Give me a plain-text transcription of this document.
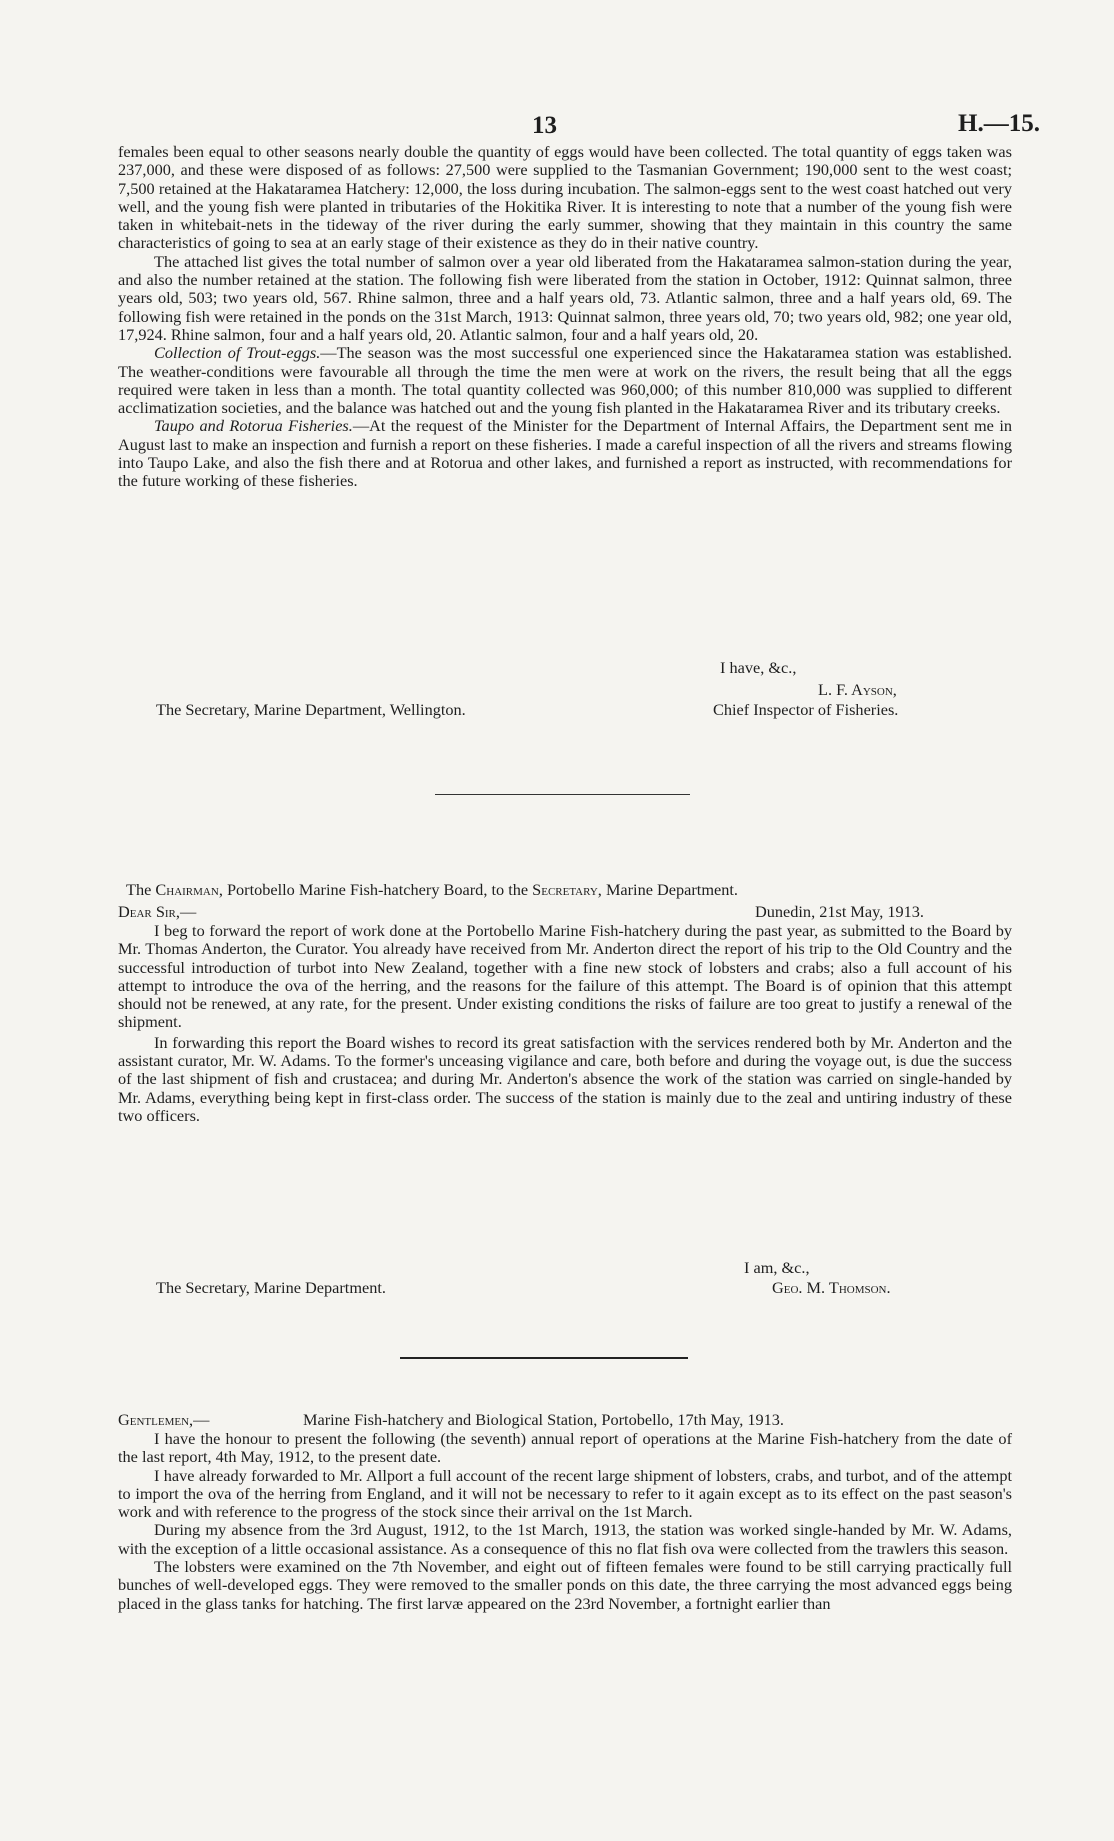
13	H.—15.

females been equal to other seasons nearly double the quantity of eggs would have been collected. The total quantity of eggs taken was 237,000, and these were disposed of as follows: 27,500 were supplied to the Tasmanian Government; 190,000 sent to the west coast; 7,500 retained at the Hakataramea Hatchery: 12,000, the loss during incubation. The salmon-eggs sent to the west coast hatched out very well, and the young fish were planted in tributaries of the Hokitika River. It is interesting to note that a number of the young fish were taken in whitebait-nets in the tideway of the river during the early summer, showing that they maintain in this country the same characteristics of going to sea at an early stage of their existence as they do in their native country.

The attached list gives the total number of salmon over a year old liberated from the Hakataramea salmon-station during the year, and also the number retained at the station. The following fish were liberated from the station in October, 1912: Quinnat salmon, three years old, 503; two years old, 567. Rhine salmon, three and a half years old, 73. Atlantic salmon, three and a half years old, 69. The following fish were retained in the ponds on the 31st March, 1913: Quinnat salmon, three years old, 70; two years old, 982; one year old, 17,924. Rhine salmon, four and a half years old, 20. Atlantic salmon, four and a half years old, 20.

Collection of Trout-eggs.—The season was the most successful one experienced since the Hakataramea station was established. The weather-conditions were favourable all through the time the men were at work on the rivers, the result being that all the eggs required were taken in less than a month. The total quantity collected was 960,000; of this number 810,000 was supplied to different acclimatization societies, and the balance was hatched out and the young fish planted in the Hakataramea River and its tributary creeks.

Taupo and Rotorua Fisheries.—At the request of the Minister for the Department of Internal Affairs, the Department sent me in August last to make an inspection and furnish a report on these fisheries. I made a careful inspection of all the rivers and streams flowing into Taupo Lake, and also the fish there and at Rotorua and other lakes, and furnished a report as instructed, with recommendations for the future working of these fisheries.

I have, &c.,
L. F. Ayson,
The Secretary, Marine Department, Wellington.	Chief Inspector of Fisheries.
The Chairman, Portobello Marine Fish-hatchery Board, to the Secretary, Marine Department.
Dear Sir,—	Dunedin, 21st May, 1913.

I beg to forward the report of work done at the Portobello Marine Fish-hatchery during the past year, as submitted to the Board by Mr. Thomas Anderton, the Curator. You already have received from Mr. Anderton direct the report of his trip to the Old Country and the successful introduction of turbot into New Zealand, together with a fine new stock of lobsters and crabs; also a full account of his attempt to introduce the ova of the herring, and the reasons for the failure of this attempt. The Board is of opinion that this attempt should not be renewed, at any rate, for the present. Under existing conditions the risks of failure are too great to justify a renewal of the shipment.

In forwarding this report the Board wishes to record its great satisfaction with the services rendered both by Mr. Anderton and the assistant curator, Mr. W. Adams. To the former's unceasing vigilance and care, both before and during the voyage out, is due the success of the last shipment of fish and crustacea; and during Mr. Anderton's absence the work of the station was carried on single-handed by Mr. Adams, everything being kept in first-class order. The success of the station is mainly due to the zeal and untiring industry of these two officers.

I am, &c.,
The Secretary, Marine Department.	Geo. M. Thomson.
Gentlemen,—	Marine Fish-hatchery and Biological Station, Portobello, 17th May, 1913.

I have the honour to present the following (the seventh) annual report of operations at the Marine Fish-hatchery from the date of the last report, 4th May, 1912, to the present date.

I have already forwarded to Mr. Allport a full account of the recent large shipment of lobsters, crabs, and turbot, and of the attempt to import the ova of the herring from England, and it will not be necessary to refer to it again except as to its effect on the past season's work and with reference to the progress of the stock since their arrival on the 1st March.

During my absence from the 3rd August, 1912, to the 1st March, 1913, the station was worked single-handed by Mr. W. Adams, with the exception of a little occasional assistance. As a consequence of this no flat fish ova were collected from the trawlers this season.

The lobsters were examined on the 7th November, and eight out of fifteen females were found to be still carrying practically full bunches of well-developed eggs. They were removed to the smaller ponds on this date, the three carrying the most advanced eggs being placed in the glass tanks for hatching. The first larvæ appeared on the 23rd November, a fortnight earlier than
